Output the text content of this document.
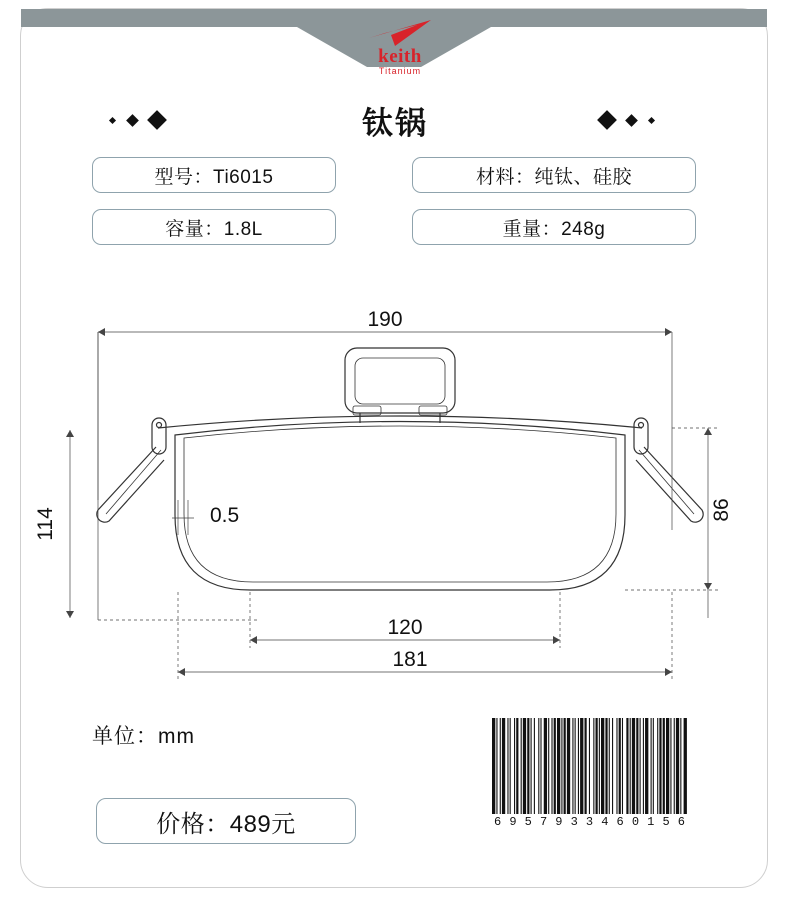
keith
Titanium
钛锅
型号：Ti6015	材料：纯钛、硅胶
容量：1.8L	重量：248g
190
114	86
0.5
120
181
单位：mm
6 9 5 7 9 3 3 4 6 0 1 5 6
价格：489元
